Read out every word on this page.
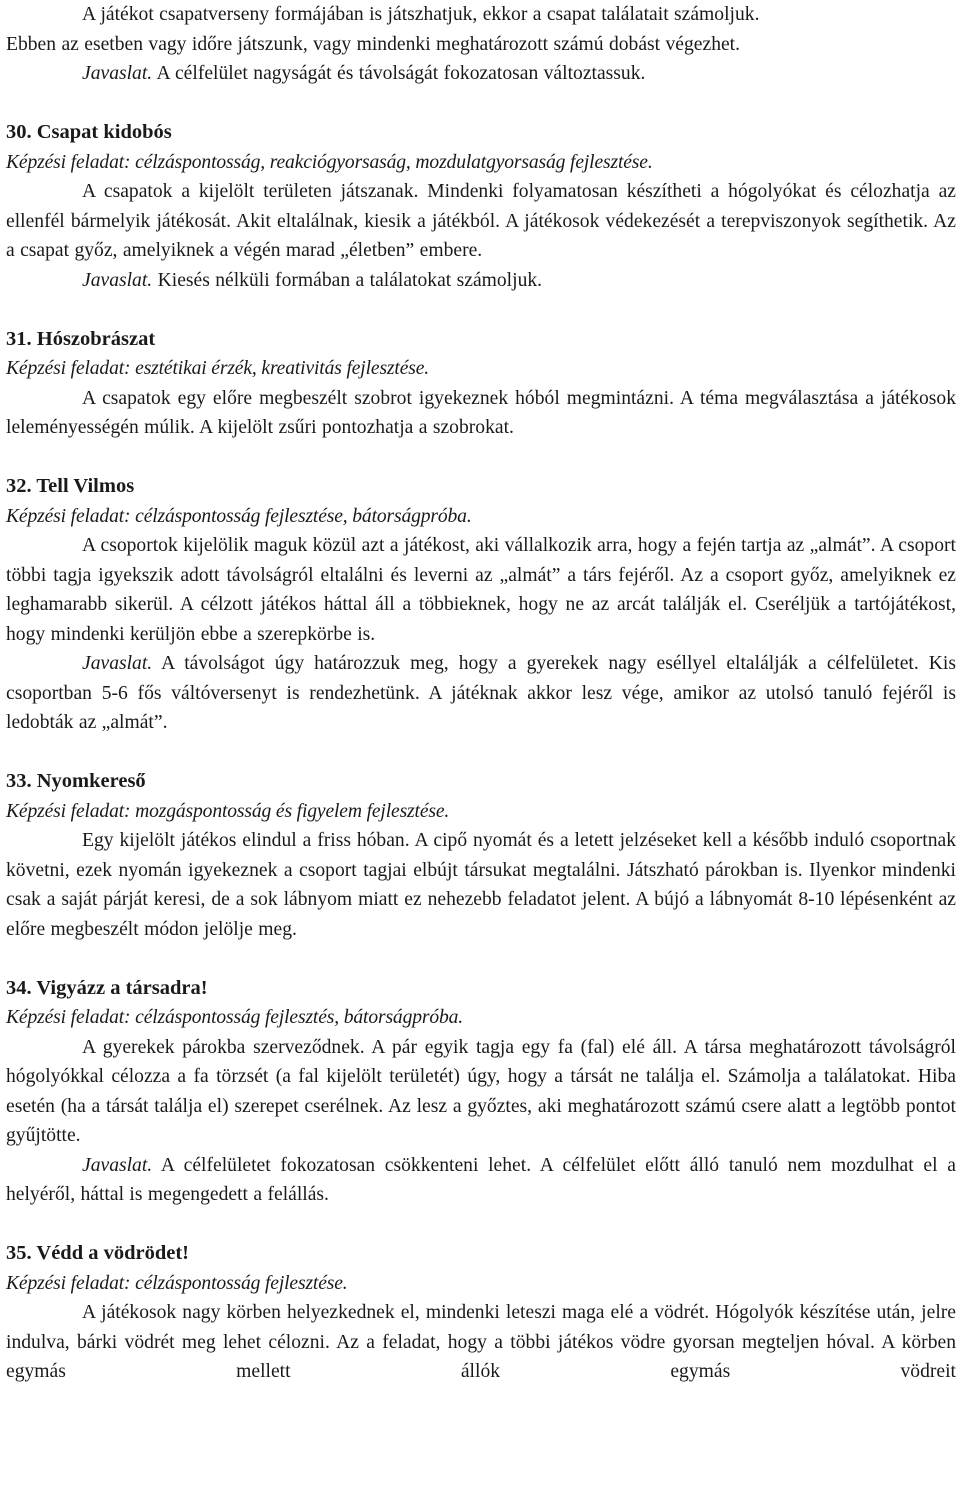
A játékot csapatverseny formájában is játszhatjuk, ekkor a csapat találatait számoljuk.

Ebben az esetben vagy időre játszunk, vagy mindenki meghatározott számú dobást végezhet.

Javaslat. A célfelület nagyságát és távolságát fokozatosan változtassuk.

30. Csapat kidobós

Képzési feladat: célzáspontosság, reakciógyorsaság, mozdulatgyorsaság fejlesztése.

A csapatok a kijelölt területen játszanak. Mindenki folyamatosan készítheti a hógolyókat és célozhatja az ellenfél bármelyik játékosát. Akit eltalálnak, kiesik a játékból. A játékosok védekezését a terepviszonyok segíthetik. Az a csapat győz, amelyiknek a végén marad „életben” embere.

Javaslat. Kiesés nélküli formában a találatokat számoljuk.

31. Hószobrászat

Képzési feladat: esztétikai érzék, kreativitás fejlesztése.

A csapatok egy előre megbeszélt szobrot igyekeznek hóból megmintázni. A téma megválasztása a játékosok leleményességén múlik. A kijelölt zsűri pontozhatja a szobrokat.

32. Tell Vilmos

Képzési feladat: célzáspontosság fejlesztése, bátorságpróba.

A csoportok kijelölik maguk közül azt a játékost, aki vállalkozik arra, hogy a fején tartja az „almát”. A csoport többi tagja igyekszik adott távolságról eltalálni és leverni az „almát” a társ fejéről. Az a csoport győz, amelyiknek ez leghamarabb sikerül. A célzott játékos háttal áll a többieknek, hogy ne az arcát találják el. Cseréljük a tartójátékost, hogy mindenki kerüljön ebbe a szerepkörbe is.

Javaslat. A távolságot úgy határozzuk meg, hogy a gyerekek nagy eséllyel eltalálják a célfelületet. Kis csoportban 5-6 fős váltóversenyt is rendezhetünk. A játéknak akkor lesz vége, amikor az utolsó tanuló fejéről is ledobták az „almát”.

33. Nyomkereső

Képzési feladat: mozgáspontosság és figyelem fejlesztése.

Egy kijelölt játékos elindul a friss hóban. A cipő nyomát és a letett jelzéseket kell a később induló csoportnak követni, ezek nyomán igyekeznek a csoport tagjai elbújt társukat megtalálni. Játszható párokban is. Ilyenkor mindenki csak a saját párját keresi, de a sok lábnyom miatt ez nehezebb feladatot jelent. A bújó a lábnyomát 8-10 lépésenként az előre megbeszélt módon jelölje meg.

34. Vigyázz a társadra!

Képzési feladat: célzáspontosság fejlesztés, bátorságpróba.

A gyerekek párokba szerveződnek. A pár egyik tagja egy fa (fal) elé áll. A társa meghatározott távolságról hógolyókkal célozza a fa törzsét (a fal kijelölt területét) úgy, hogy a társát ne találja el. Számolja a találatokat. Hiba esetén (ha a társát találja el) szerepet cserélnek. Az lesz a győztes, aki meghatározott számú csere alatt a legtöbb pontot gyűjtötte.

Javaslat. A célfelületet fokozatosan csökkenteni lehet. A célfelület előtt álló tanuló nem mozdulhat el a helyéről, háttal is megengedett a felállás.

35. Védd a vödrödet!

Képzési feladat: célzáspontosság fejlesztése.

A játékosok nagy körben helyezkednek el, mindenki leteszi maga elé a vödrét. Hógolyók készítése után, jelre indulva, bárki vödrét meg lehet célozni. Az a feladat, hogy a többi játékos vödre gyorsan megteljen hóval. A körben egymás mellett állók egymás vödreit
